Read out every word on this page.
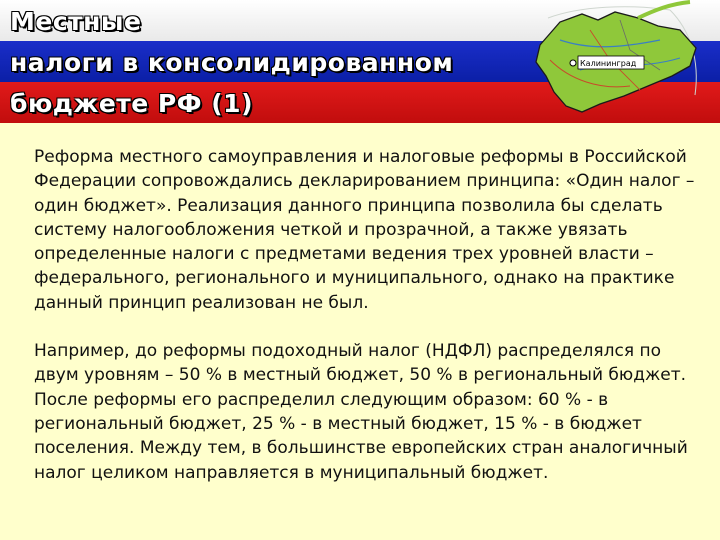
Местные
налоги в консолидированном
бюджете РФ (1)
Калининград

Реформа местного самоуправления и налоговые реформы в Российской Федерации сопровождались декларированием принципа: «Один налог – один бюджет». Реализация данного принципа позволила бы сделать систему налогообложения четкой и прозрачной, а также увязать определенные налоги с предметами ведения трех уровней власти – федерального, регионального и муниципального, однако на практике данный принцип реализован не был.

Например, до реформы подоходный налог (НДФЛ) распределялся по двум уровням – 50 % в местный бюджет, 50 % в региональный бюджет. После реформы его распределил следующим образом: 60 % - в региональный бюджет, 25 % - в местный бюджет, 15 % - в бюджет поселения. Между тем, в большинстве европейских стран аналогичный налог целиком направляется в муниципальный бюджет.
